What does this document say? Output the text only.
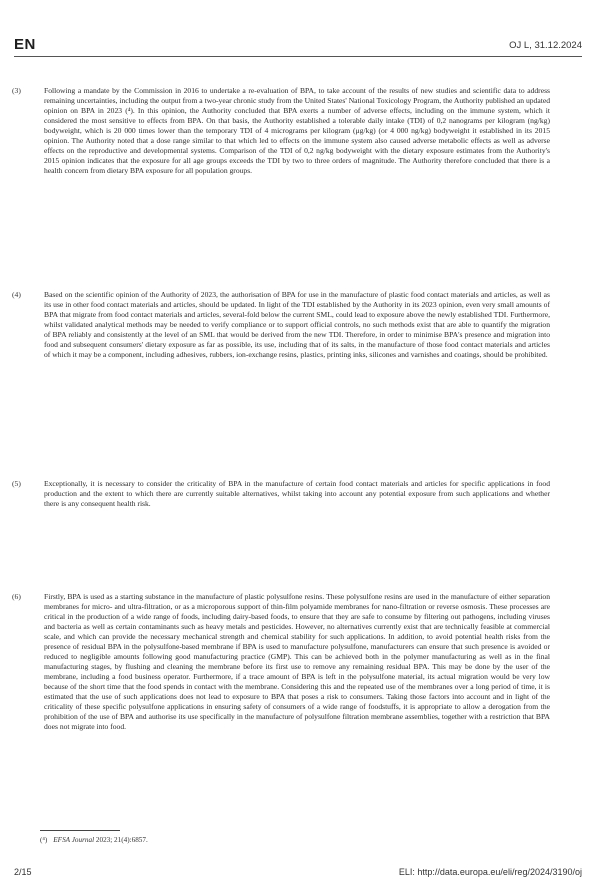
EN	OJ L, 31.12.2024
(3)	Following a mandate by the Commission in 2016 to undertake a re-evaluation of BPA, to take account of the results of new studies and scientific data to address remaining uncertainties, including the output from a two-year chronic study from the United States' National Toxicology Program, the Authority published an updated opinion on BPA in 2023 (⁴). In this opinion, the Authority concluded that BPA exerts a number of adverse effects, including on the immune system, which it considered the most sensitive to effects from BPA. On that basis, the Authority established a tolerable daily intake (TDI) of 0,2 nanograms per kilogram (ng/kg) bodyweight, which is 20 000 times lower than the temporary TDI of 4 micrograms per kilogram (μg/kg) (or 4 000 ng/kg) bodyweight it established in its 2015 opinion. The Authority noted that a dose range similar to that which led to effects on the immune system also caused adverse metabolic effects as well as adverse effects on the reproductive and developmental systems. Comparison of the TDI of 0,2 ng/kg bodyweight with the dietary exposure estimates from the Authority's 2015 opinion indicates that the exposure for all age groups exceeds the TDI by two to three orders of magnitude. The Authority therefore concluded that there is a health concern from dietary BPA exposure for all population groups.
(4)	Based on the scientific opinion of the Authority of 2023, the authorisation of BPA for use in the manufacture of plastic food contact materials and articles, as well as its use in other food contact materials and articles, should be updated. In light of the TDI established by the Authority in its 2023 opinion, even very small amounts of BPA that migrate from food contact materials and articles, several-fold below the current SML, could lead to exposure above the newly established TDI. Furthermore, whilst validated analytical methods may be needed to verify compliance or to support official controls, no such methods exist that are able to quantify the migration of BPA reliably and consistently at the level of an SML that would be derived from the new TDI. Therefore, in order to minimise BPA's presence and migration into food and subsequent consumers' dietary exposure as far as possible, its use, including that of its salts, in the manufacture of those food contact materials and articles of which it may be a component, including adhesives, rubbers, ion-exchange resins, plastics, printing inks, silicones and varnishes and coatings, should be prohibited.
(5)	Exceptionally, it is necessary to consider the criticality of BPA in the manufacture of certain food contact materials and articles for specific applications in food production and the extent to which there are currently suitable alternatives, whilst taking into account any potential exposure from such applications and whether there is any consequent health risk.
(6)	Firstly, BPA is used as a starting substance in the manufacture of plastic polysulfone resins. These polysulfone resins are used in the manufacture of either separation membranes for micro- and ultra-filtration, or as a microporous support of thin-film polyamide membranes for nano-filtration or reverse osmosis. These processes are critical in the production of a wide range of foods, including dairy-based foods, to ensure that they are safe to consume by filtering out pathogens, including viruses and bacteria as well as certain contaminants such as heavy metals and pesticides. However, no alternatives currently exist that are technically feasible at commercial scale, and which can provide the necessary mechanical strength and chemical stability for such applications. In addition, to avoid potential health risks from the presence of residual BPA in the polysulfone-based membrane if BPA is used to manufacture polysulfone, manufacturers can ensure that such presence is avoided or reduced to negligible amounts following good manufacturing practice (GMP). This can be achieved both in the polymer manufacturing as well as in the final manufacturing stages, by flushing and cleaning the membrane before its first use to remove any remaining residual BPA. This may be done by the user of the membrane, including a food business operator. Furthermore, if a trace amount of BPA is left in the polysulfone material, its actual migration would be very low because of the short time that the food spends in contact with the membrane. Considering this and the repeated use of the membranes over a long period of time, it is estimated that the use of such applications does not lead to exposure to BPA that poses a risk to consumers. Taking those factors into account and in light of the criticality of these specific polysulfone applications in ensuring safety of consumers of a wide range of foodstuffs, it is appropriate to allow a derogation from the prohibition of the use of BPA and authorise its use specifically in the manufacture of polysulfone filtration membrane assemblies, together with a restriction that BPA does not migrate into food.
(⁴) EFSA Journal 2023; 21(4):6857.
2/15	ELI: http://data.europa.eu/eli/reg/2024/3190/oj
